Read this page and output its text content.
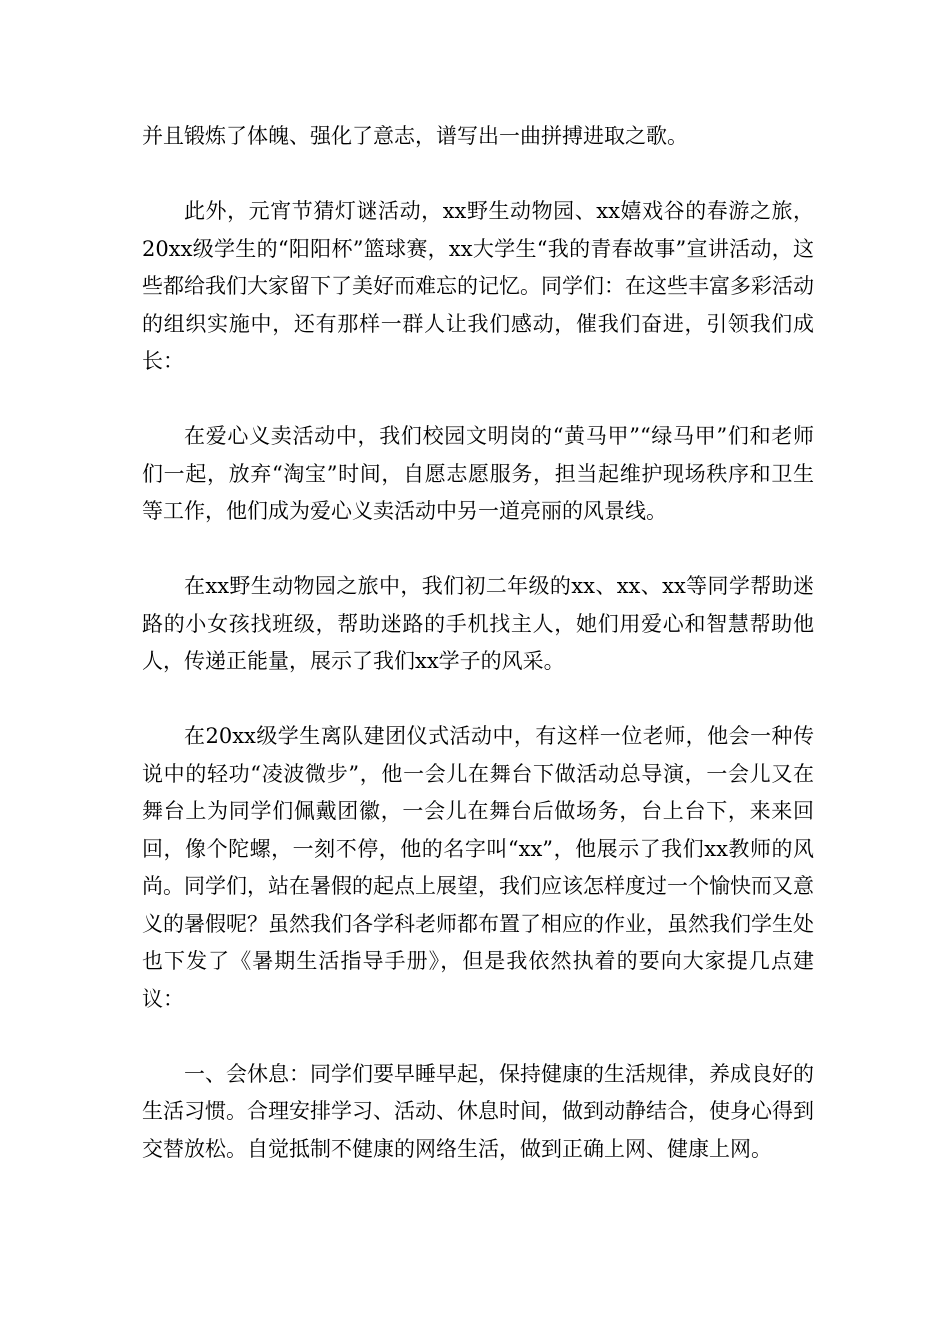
并且锻炼了体魄、强化了意志，谱写出一曲拼搏进取之歌。

此外，元宵节猜灯谜活动，xx野生动物园、xx嬉戏谷的春游之旅，20xx级学生的“阳阳杯”篮球赛，xx大学生“我的青春故事”宣讲活动，这些都给我们大家留下了美好而难忘的记忆。同学们：在这些丰富多彩活动的组织实施中，还有那样一群人让我们感动，催我们奋进，引领我们成长：

在爱心义卖活动中，我们校园文明岗的“黄马甲”“绿马甲”们和老师们一起，放弃“淘宝”时间，自愿志愿服务，担当起维护现场秩序和卫生等工作，他们成为爱心义卖活动中另一道亮丽的风景线。

在xx野生动物园之旅中，我们初二年级的xx、xx、xx等同学帮助迷路的小女孩找班级，帮助迷路的手机找主人，她们用爱心和智慧帮助他人，传递正能量，展示了我们xx学子的风采。

在20xx级学生离队建团仪式活动中，有这样一位老师，他会一种传说中的轻功“凌波微步”，他一会儿在舞台下做活动总导演，一会儿又在舞台上为同学们佩戴团徽，一会儿在舞台后做场务，台上台下，来来回回，像个陀螺，一刻不停，他的名字叫“xx”，他展示了我们xx教师的风尚。同学们，站在暑假的起点上展望，我们应该怎样度过一个愉快而又意义的暑假呢？虽然我们各学科老师都布置了相应的作业，虽然我们学生处也下发了《暑期生活指导手册》，但是我依然执着的要向大家提几点建议：

一、会休息：同学们要早睡早起，保持健康的生活规律，养成良好的生活习惯。合理安排学习、活动、休息时间，做到动静结合，使身心得到交替放松。自觉抵制不健康的网络生活，做到正确上网、健康上网。
